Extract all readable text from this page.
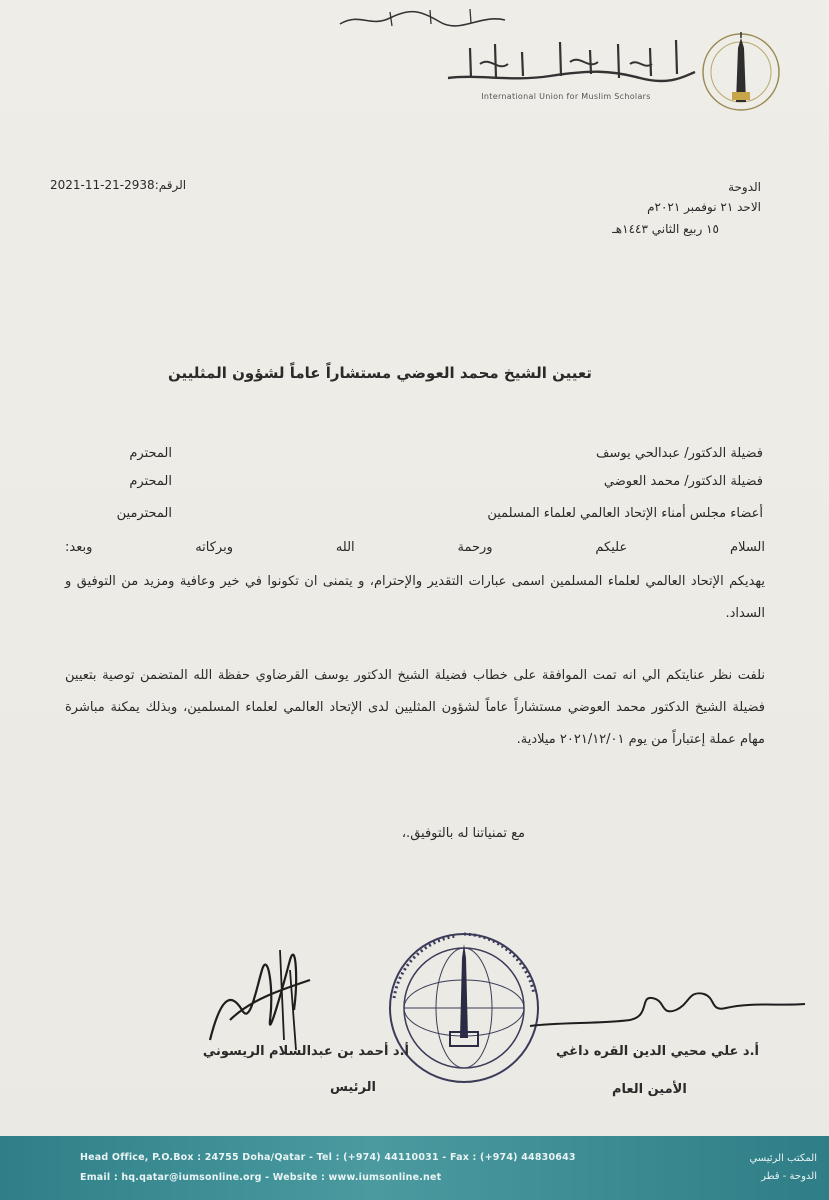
International Union for Muslim Scholars
الدوحة
الاحد ٢١ نوفمبر ٢٠٢١م
١٥ ربيع الثاني ١٤٤٣هـ
الرقم:2938-21-11-2021
تعيين الشيخ محمد العوضي مستشاراً عاماً لشؤون المثليين
فضيلة الدكتور/ عبدالحي يوسف
المحترم
فضيلة الدكتور/ محمد العوضي
المحترم
أعضاء مجلس أمناء الإتحاد العالمي لعلماء المسلمين
المحترمين
السلام عليكم ورحمة الله وبركاته وبعد:
يهديكم الإتحاد العالمي لعلماء المسلمين اسمى عبارات التقدير والإحترام، و يتمنى ان تكونوا في خير وعافية ومزيد من التوفيق و السداد.
نلفت نظر عنايتكم الي انه تمت الموافقة على خطاب فضيلة الشيخ الدكتور يوسف القرضاوي حفظة الله المتضمن توصية بتعيين فضيلة الشيخ الدكتور محمد العوضي مستشاراً عاماً لشؤون المثليين لدى الإتحاد العالمي لعلماء المسلمين، وبذلك يمكنة مباشرة مهام عملة إعتباراً من يوم ٢٠٢١/١٢/٠١ ميلادية.
مع تمنياتنا له بالتوفيق.،
أ.د أحمد بن عبدالسلام الريسوني
الرئيس
أ.د علي محيي الدين القره داغي
الأمين العام
Head Office, P.O.Box : 24755 Doha/Qatar - Tel : (+974) 44110031 - Fax : (+974) 44830643
Email : hq.qatar@iumsonline.org - Website : www.iumsonline.net
المكتب الرئيسي
الدوحة - قطر
